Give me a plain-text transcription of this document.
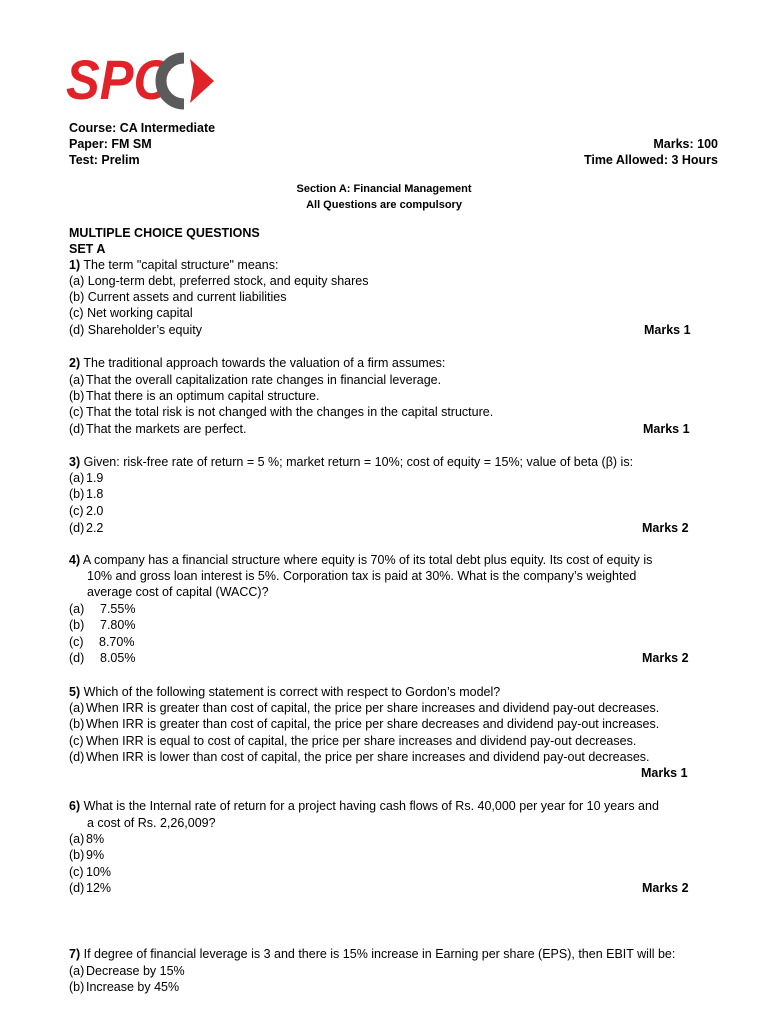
SPC
Course: CA Intermediate
Paper: FM SM
Test: Prelim
Marks: 100
Time Allowed: 3 Hours
Section A: Financial Management
All Questions are compulsory
MULTIPLE CHOICE QUESTIONS
SET A
1) The term "capital structure" means:
(a) Long-term debt, preferred stock, and equity shares
(b) Current assets and current liabilities
(c) Net working capital
(d) Shareholder’s equity	Marks 1
2) The traditional approach towards the valuation of a firm assumes:
(a) That the overall capitalization rate changes in financial leverage.
(b) That there is an optimum capital structure.
(c) That the total risk is not changed with the changes in the capital structure.
(d) That the markets are perfect.	Marks 1
3) Given: risk-free rate of return = 5 %; market return = 10%; cost of equity = 15%; value of beta (β) is:
(a) 1.9
(b) 1.8
(c) 2.0
(d) 2.2	Marks 2
4) A company has a financial structure where equity is 70% of its total debt plus equity. Its cost of equity is
10% and gross loan interest is 5%. Corporation tax is paid at 30%. What is the company’s weighted
average cost of capital (WACC)?
(a) 7.55%
(b) 7.80%
(c) 8.70%
(d) 8.05%	Marks 2
5) Which of the following statement is correct with respect to Gordon’s model?
(a) When IRR is greater than cost of capital, the price per share increases and dividend pay-out decreases.
(b) When IRR is greater than cost of capital, the price per share decreases and dividend pay-out increases.
(c) When IRR is equal to cost of capital, the price per share increases and dividend pay-out decreases.
(d) When IRR is lower than cost of capital, the price per share increases and dividend pay-out decreases.
Marks 1
6) What is the Internal rate of return for a project having cash flows of Rs. 40,000 per year for 10 years and
a cost of Rs. 2,26,009?
(a) 8%
(b) 9%
(c) 10%
(d) 12%	Marks 2
7) If degree of financial leverage is 3 and there is 15% increase in Earning per share (EPS), then EBIT will be:
(a) Decrease by 15%
(b) Increase by 45%
